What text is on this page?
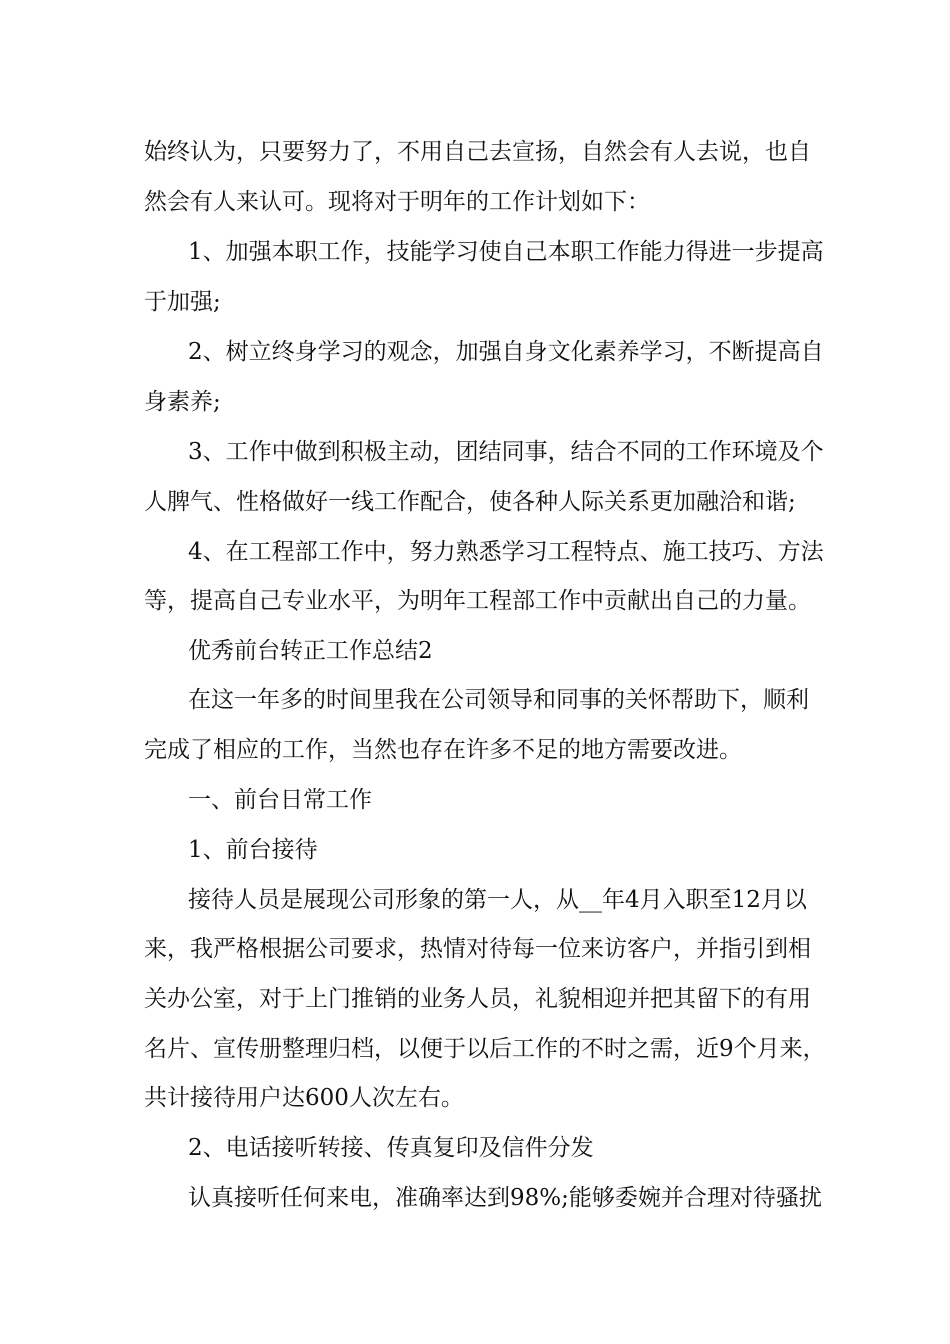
始终认为，只要努力了，不用自己去宣扬，自然会有人去说，也自
然会有人来认可。现将对于明年的工作计划如下：
1、加强本职工作，技能学习使自己本职工作能力得进一步提高
于加强;
2、树立终身学习的观念，加强自身文化素养学习，不断提高自
身素养;
3、工作中做到积极主动，团结同事，结合不同的工作环境及个
人脾气、性格做好一线工作配合，使各种人际关系更加融洽和谐;
4、在工程部工作中，努力熟悉学习工程特点、施工技巧、方法
等，提高自己专业水平，为明年工程部工作中贡献出自己的力量。
优秀前台转正工作总结2
在这一年多的时间里我在公司领导和同事的关怀帮助下，顺利
完成了相应的工作，当然也存在许多不足的地方需要改进。
一、前台日常工作
1、前台接待
接待人员是展现公司形象的第一人，从__年4月入职至12月以
来，我严格根据公司要求，热情对待每一位来访客户，并指引到相
关办公室，对于上门推销的业务人员，礼貌相迎并把其留下的有用
名片、宣传册整理归档，以便于以后工作的不时之需，近9个月来，
共计接待用户达600人次左右。
2、电话接听转接、传真复印及信件分发
认真接听任何来电，准确率达到98%;能够委婉并合理对待骚扰
